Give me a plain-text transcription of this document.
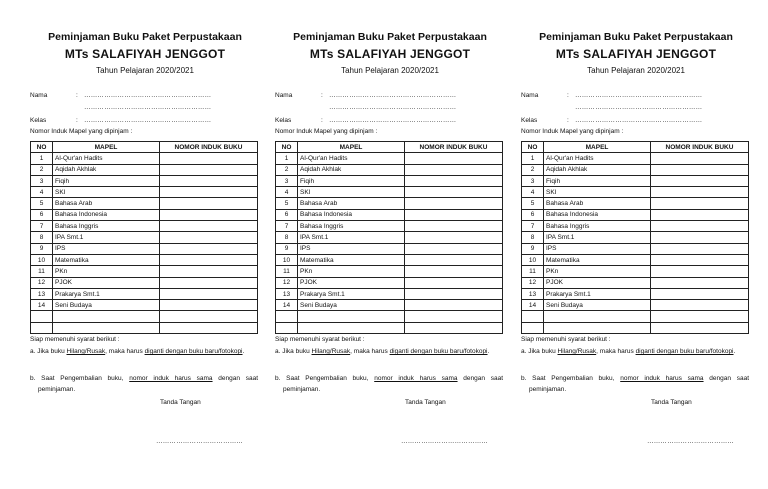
Peminjaman Buku Paket Perpustakaan
MTs SALAFIYAH JENGGOT
Tahun Pelajaran 2020/2021
Nama	: …………………………………………………
…………………………………………………
Kelas	: …………………………………………………
Nomor Induk Mapel yang dipinjam :
NO	MAPEL	NOMOR INDUK BUKU
1	Al-Qur'an Hadits	
2	Aqidah Akhlak	
3	Fiqih	
4	SKI	
5	Bahasa Arab	
6	Bahasa Indonesia	
7	Bahasa Inggris	
8	IPA Smt.1	
9	IPS	
10	Matematika	
11	PKn	
12	PJOK	
13	Prakarya Smt.1	
14	Seni Budaya	

Siap memenuhi syarat berikut :
a. Jika buku Hilang/Rusak, maka harus diganti dengan buku baru/fotokopi.
b. Saat Pengembalian buku, nomor induk harus sama dengan saat peminjaman.
Tanda Tangan
…………………………………
Peminjaman Buku Paket Perpustakaan
MTs SALAFIYAH JENGGOT
Tahun Pelajaran 2020/2021
Nama	: …………………………………………………
…………………………………………………
Kelas	: …………………………………………………
Nomor Induk Mapel yang dipinjam :
NO	MAPEL	NOMOR INDUK BUKU
1	Al-Qur'an Hadits	
2	Aqidah Akhlak	
3	Fiqih	
4	SKI	
5	Bahasa Arab	
6	Bahasa Indonesia	
7	Bahasa Inggris	
8	IPA Smt.1	
9	IPS	
10	Matematika	
11	PKn	
12	PJOK	
13	Prakarya Smt.1	
14	Seni Budaya	

Siap memenuhi syarat berikut :
a. Jika buku Hilang/Rusak, maka harus diganti dengan buku baru/fotokopi.
b. Saat Pengembalian buku, nomor induk harus sama dengan saat peminjaman.
Tanda Tangan
…………………………………
Peminjaman Buku Paket Perpustakaan
MTs SALAFIYAH JENGGOT
Tahun Pelajaran 2020/2021
Nama	: …………………………………………………
…………………………………………………
Kelas	: …………………………………………………
Nomor Induk Mapel yang dipinjam :
NO	MAPEL	NOMOR INDUK BUKU
1	Al-Qur'an Hadits	
2	Aqidah Akhlak	
3	Fiqih	
4	SKI	
5	Bahasa Arab	
6	Bahasa Indonesia	
7	Bahasa Inggris	
8	IPA Smt.1	
9	IPS	
10	Matematika	
11	PKn	
12	PJOK	
13	Prakarya Smt.1	
14	Seni Budaya	

Siap memenuhi syarat berikut :
a. Jika buku Hilang/Rusak, maka harus diganti dengan buku baru/fotokopi.
b. Saat Pengembalian buku, nomor induk harus sama dengan saat peminjaman.
Tanda Tangan
…………………………………
